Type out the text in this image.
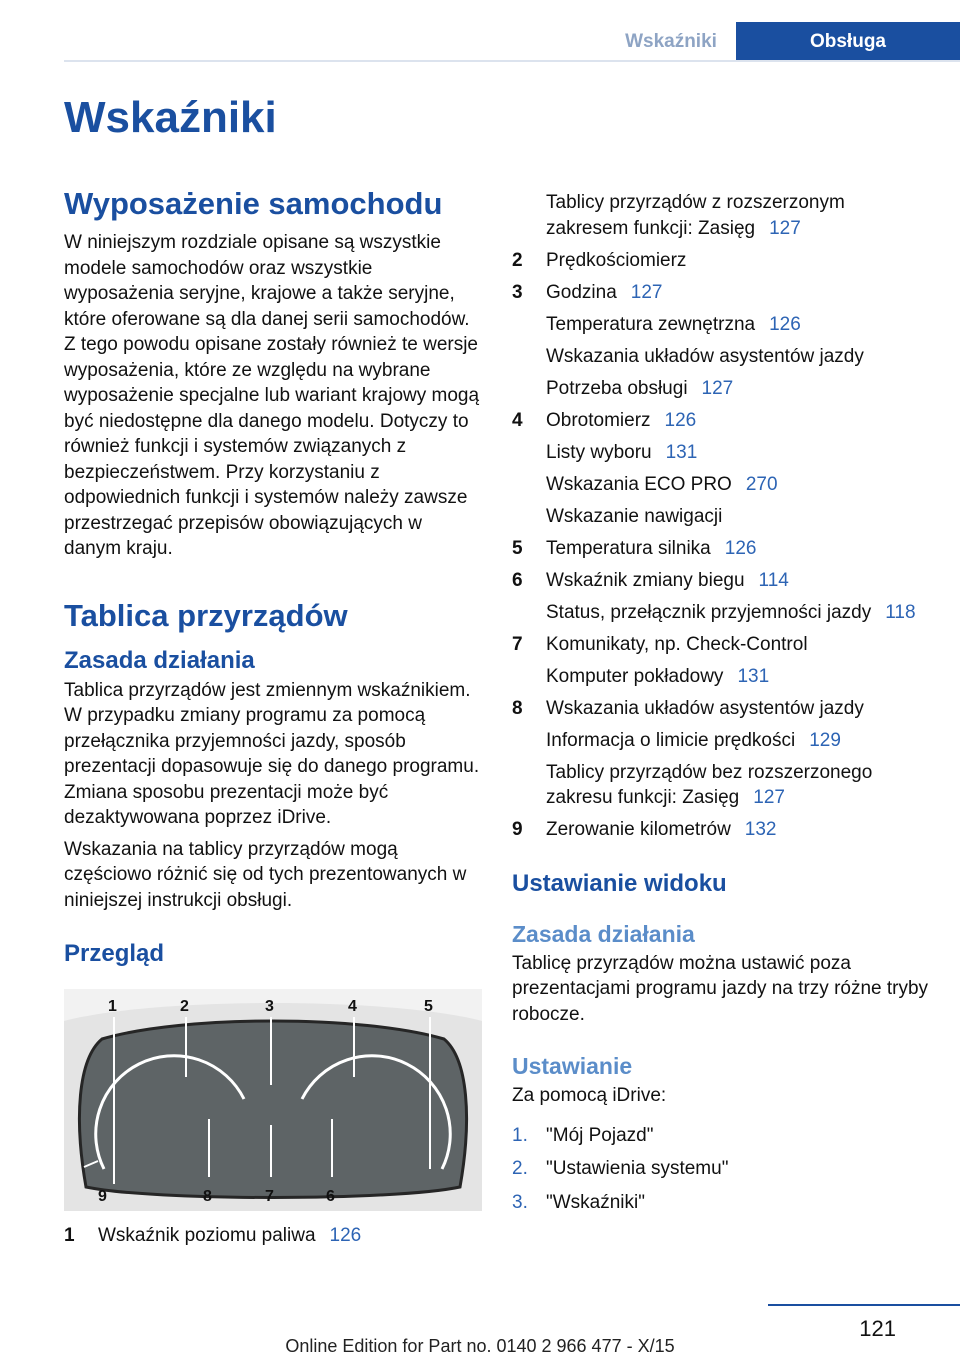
Wskaźniki	Obsługa
Wskaźniki
Wyposażenie samochodu

W niniejszym rozdziale opisane są wszystkie modele samochodów oraz wszystkie wyposażenia seryjne, krajowe a także seryjne, które oferowane są dla danej serii samochodów. Z tego powodu opisane zostały również te wersje wyposażenia, które ze względu na wybrane wyposażenie specjalne lub wariant krajowy mogą być niedostępne dla danego modelu. Dotyczy to również funkcji i systemów związanych z bezpieczeństwem. Przy korzystaniu z odpowiednich funkcji i systemów należy zawsze przestrzegać przepisów obowiązujących w danym kraju.

Tablica przyrządów
Zasada działania

Tablica przyrządów jest zmiennym wskaźnikiem. W przypadku zmiany programu za pomocą przełącznika przyjemności jazdy, sposób prezentacji dopasowuje się do danego programu. Zmiana sposobu prezentacji może być dezaktywowana poprzez iDrive.

Wskazania na tablicy przyrządów mogą częściowo różnić się od tych prezentowanych w niniejszej instrukcji obsługi.

Przegląd
1	2	3	4	5
9	8	7	6
1	Wskaźnik poziomu paliwa 126
Tablicy przyrządów z rozszerzonym zakresem funkcji: Zasięg 127
2	Prędkościomierz
3	Godzina 127
Temperatura zewnętrzna 126
Wskazania układów asystentów jazdy
Potrzeba obsługi 127
4	Obrotomierz 126
Listy wyboru 131
Wskazania ECO PRO 270
Wskazanie nawigacji
5	Temperatura silnika 126
6	Wskaźnik zmiany biegu 114
Status, przełącznik przyjemności jazdy 118
7	Komunikaty, np. Check-Control
Komputer pokładowy 131
8	Wskazania układów asystentów jazdy
Informacja o limicie prędkości 129
Tablicy przyrządów bez rozszerzonego zakresu funkcji: Zasięg 127
9	Zerowanie kilometrów 132
Ustawianie widoku
Zasada działania

Tablicę przyrządów można ustawić poza prezentacjami programu jazdy na trzy różne tryby robocze.

Ustawianie

Za pomocą iDrive:

1. "Mój Pojazd"
2. "Ustawienia systemu"
3. "Wskaźniki"
121
Online Edition for Part no. 0140 2 966 477 - X/15
